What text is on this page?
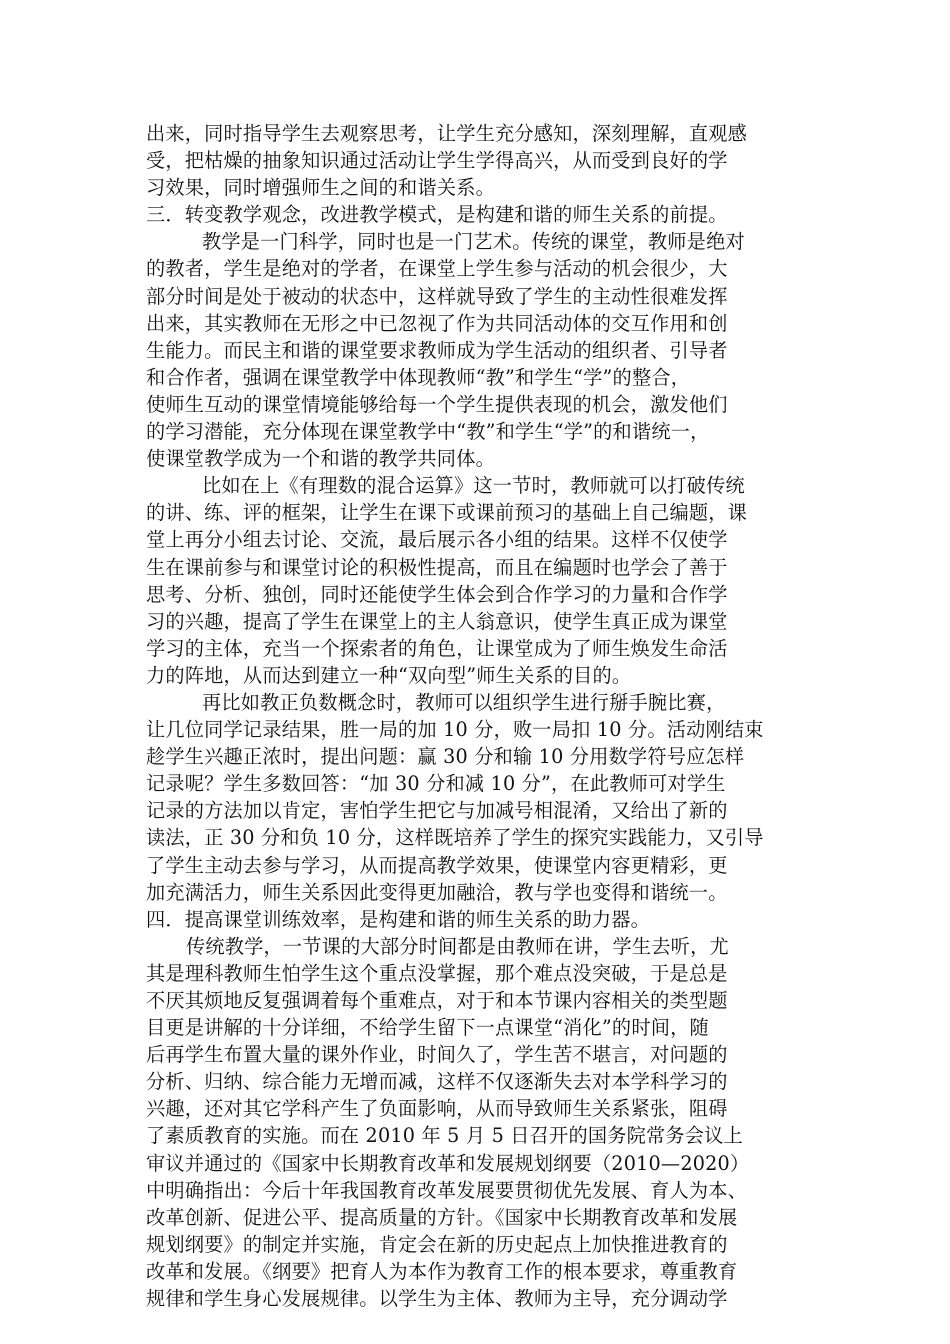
出来，同时指导学生去观察思考，让学生充分感知，深刻理解，直观感
受，把枯燥的抽象知识通过活动让学生学得高兴，从而受到良好的学
习效果，同时增强师生之间的和谐关系。
三．转变教学观念，改进教学模式，是构建和谐的师生关系的前提。
教学是一门科学，同时也是一门艺术。传统的课堂，教师是绝对
的教者，学生是绝对的学者，在课堂上学生参与活动的机会很少，大
部分时间是处于被动的状态中，这样就导致了学生的主动性很难发挥
出来，其实教师在无形之中已忽视了作为共同活动体的交互作用和创
生能力。而民主和谐的课堂要求教师成为学生活动的组织者、引导者
和合作者，强调在课堂教学中体现教师“教”和学生“学”的整合，
使师生互动的课堂情境能够给每一个学生提供表现的机会，激发他们
的学习潜能，充分体现在课堂教学中“教”和学生“学”的和谐统一，
使课堂教学成为一个和谐的教学共同体。
比如在上《有理数的混合运算》这一节时，教师就可以打破传统
的讲、练、评的框架，让学生在课下或课前预习的基础上自己编题，课
堂上再分小组去讨论、交流，最后展示各小组的结果。这样不仅使学
生在课前参与和课堂讨论的积极性提高，而且在编题时也学会了善于
思考、分析、独创，同时还能使学生体会到合作学习的力量和合作学
习的兴趣，提高了学生在课堂上的主人翁意识，使学生真正成为课堂
学习的主体，充当一个探索者的角色，让课堂成为了师生焕发生命活
力的阵地，从而达到建立一种“双向型”师生关系的目的。
再比如教正负数概念时，教师可以组织学生进行掰手腕比赛，
让几位同学记录结果，胜一局的加 10 分，败一局扣 10 分。活动刚结束
趁学生兴趣正浓时，提出问题：赢 30 分和输 10 分用数学符号应怎样
记录呢？学生多数回答：“加 30 分和减 10 分”，在此教师可对学生
记录的方法加以肯定，害怕学生把它与加减号相混淆，又给出了新的
读法，正 30 分和负 10 分，这样既培养了学生的探究实践能力，又引导
了学生主动去参与学习，从而提高教学效果，使课堂内容更精彩，更
加充满活力，师生关系因此变得更加融洽，教与学也变得和谐统一。
四．提高课堂训练效率，是构建和谐的师生关系的助力器。
传统教学，一节课的大部分时间都是由教师在讲，学生去听，尤
其是理科教师生怕学生这个重点没掌握，那个难点没突破，于是总是
不厌其烦地反复强调着每个重难点，对于和本节课内容相关的类型题
目更是讲解的十分详细，不给学生留下一点课堂“消化”的时间，随
后再学生布置大量的课外作业，时间久了，学生苦不堪言，对问题的
分析、归纳、综合能力无增而减，这样不仅逐渐失去对本学科学习的
兴趣，还对其它学科产生了负面影响，从而导致师生关系紧张，阻碍
了素质教育的实施。而在 2010 年 5 月 5 日召开的国务院常务会议上
审议并通过的《国家中长期教育改革和发展规划纲要（2010—2020）
中明确指出：今后十年我国教育改革发展要贯彻优先发展、育人为本、
改革创新、促进公平、提高质量的方针。《国家中长期教育改革和发展
规划纲要》的制定并实施，肯定会在新的历史起点上加快推进教育的
改革和发展。《纲要》把育人为本作为教育工作的根本要求，尊重教育
规律和学生身心发展规律。以学生为主体、教师为主导，充分调动学
